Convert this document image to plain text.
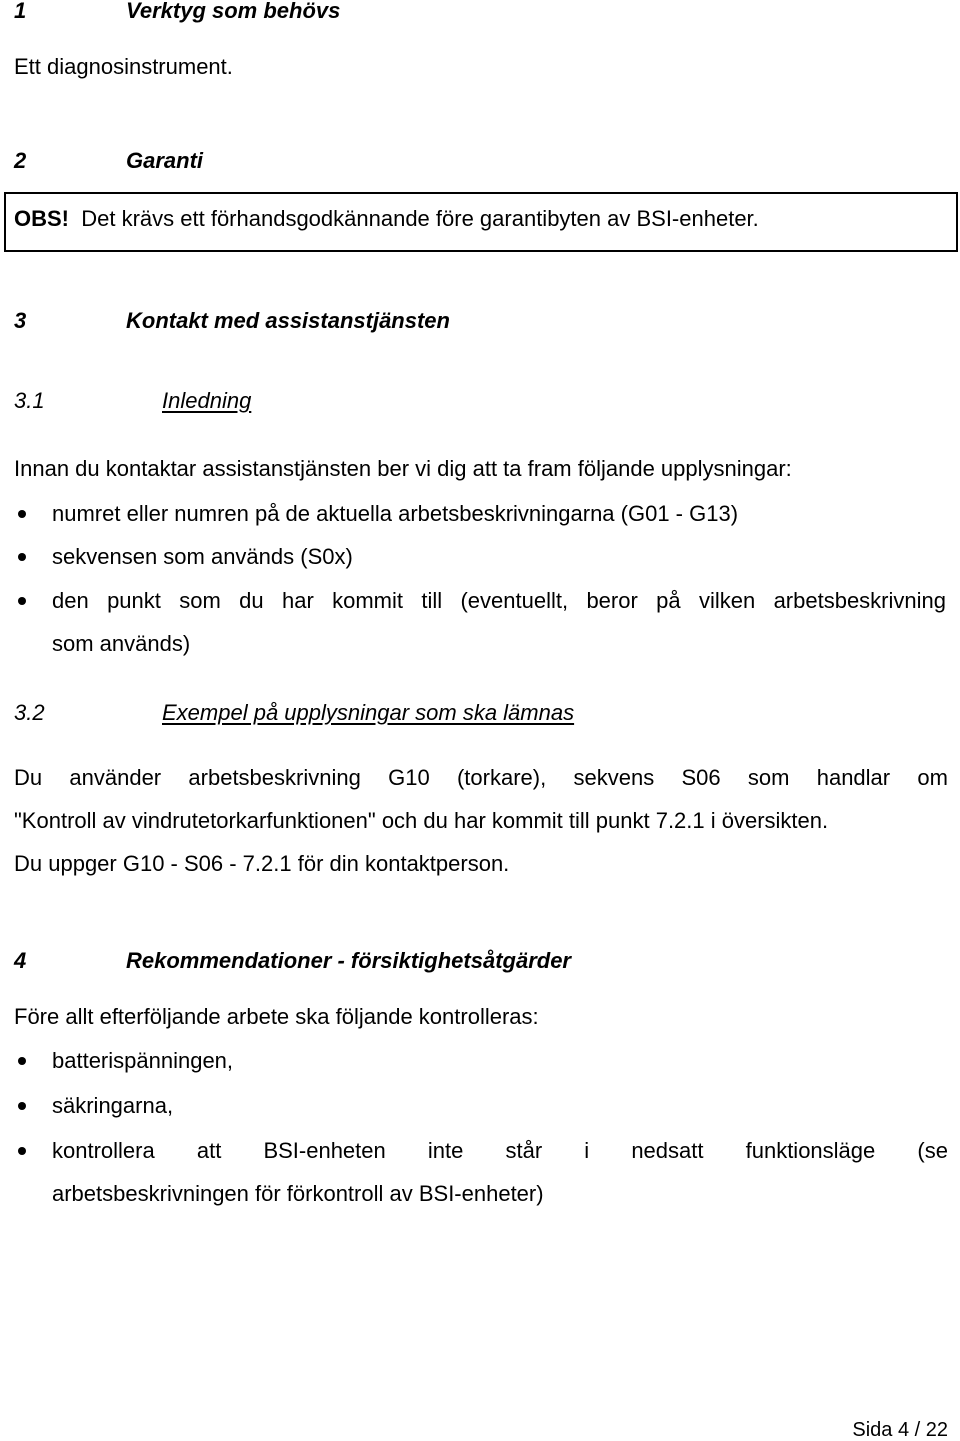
1	Verktyg som behövs
Ett diagnosinstrument.
2	Garanti
OBS! Det krävs ett förhandsgodkännande före garantibyten av BSI-enheter.
3	Kontakt med assistanstjänsten
3.1	Inledning
Innan du kontaktar assistanstjänsten ber vi dig att ta fram följande upplysningar:
numret eller numren på de aktuella arbetsbeskrivningarna (G01 - G13)
sekvensen som används (S0x)
den punkt som du har kommit till (eventuellt, beror på vilken arbetsbeskrivning
som används)
3.2	Exempel på upplysningar som ska lämnas
Du använder arbetsbeskrivning G10 (torkare), sekvens S06 som handlar om
"Kontroll av vindrutetorkarfunktionen" och du har kommit till punkt 7.2.1 i översikten.
Du uppger G10 - S06 - 7.2.1 för din kontaktperson.
4	Rekommendationer - försiktighetsåtgärder
Före allt efterföljande arbete ska följande kontrolleras:
batterispänningen,
säkringarna,
kontrollera att BSI-enheten inte står i nedsatt funktionsläge (se
arbetsbeskrivningen för förkontroll av BSI-enheter)
Sida 4 / 22
